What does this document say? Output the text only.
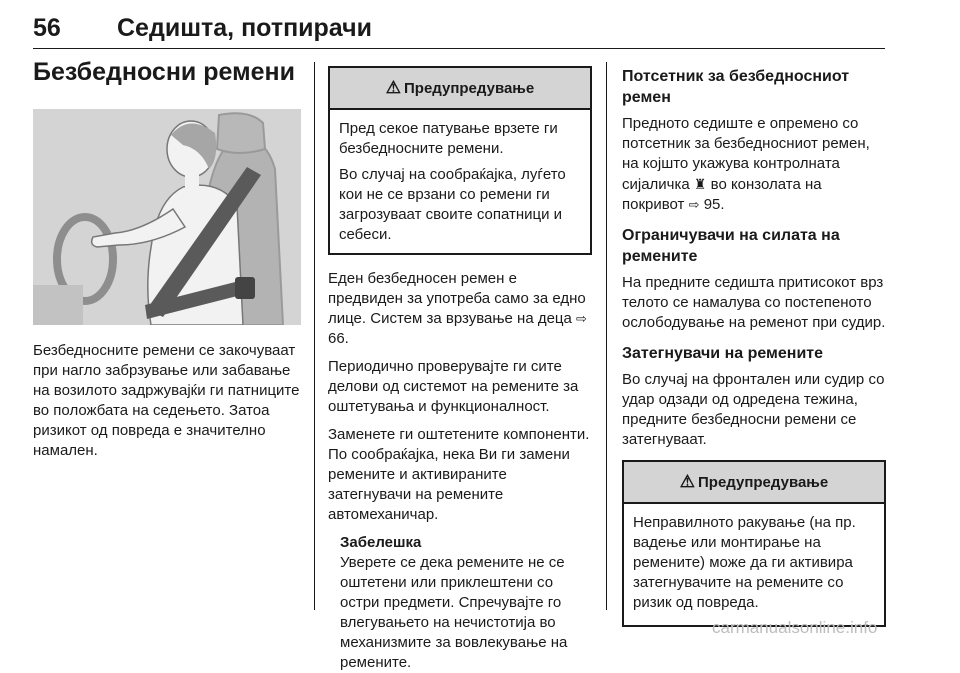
56 Седишта, потпирачи
Безбедносни ремени

Безбедносните ремени се закочуваат при нагло забрзување или забавање на возилото задржувајќи ги патниците во положбата на седењето. Затоа ризикот од повреда е значително намален.

⚠ Предупредување

Пред секое патување врзете ги безбедносните ремени.

Во случај на сообраќајка, луѓето кои не се врзани со ремени ги загрозуваат своите сопатници и себеси.

Еден безбедносен ремен е предвиден за употреба само за едно лице. Систем за врзување на деца ⇨ 66.

Периодично проверувајте ги сите делови од системот на ремените за оштетувања и функционалност.

Заменете ги оштетените компоненти. По сообраќајка, нека Ви ги замени ремените и активираните затегнувачи на ремените автомеханичар.

Забелешка

Уверете се дека ремените не се оштетени или приклештени со остри предмети. Спречувајте го влегувањето на нечистотија во механизмите за вовлекување на ремените.

Потсетник за безбедносниот ремен

Предното седиште е опремено со потсетник за безбедносниот ремен, на којшто укажува контролната сијаличка ♜ во конзолата на покривот ⇨ 95.

Ограничувачи на силата на ремените

На предните седишта притисокот врз телото се намалува со постепеното ослободување на ременот при судир.

Затегнувачи на ремените

Во случај на фронтален или судир со удар одзади од одредена тежина, предните безбедносни ремени се затегнуваат.

⚠ Предупредување

Неправилното ракување (на пр. вадење или монтирање на ремените) може да ги активира затегнувачите на ремените со ризик од повреда.

carmanualsonline.info
